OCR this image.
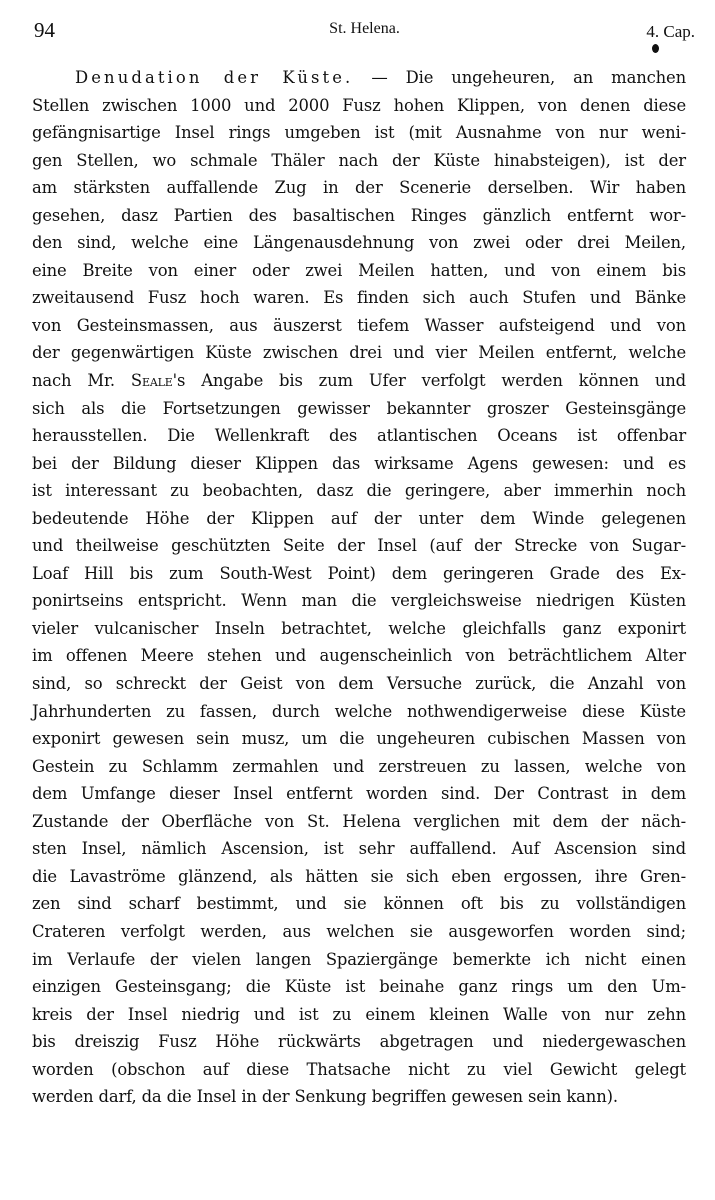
94	St. Helena.	4. Cap.
Denudation der Küste. — Die ungeheuren, an manchen
Stellen zwischen 1000 und 2000 Fusz hohen Klippen, von denen diese
gefängnisartige Insel rings umgeben ist (mit Ausnahme von nur weni-
gen Stellen, wo schmale Thäler nach der Küste hinabsteigen), ist der
am stärksten auffallende Zug in der Scenerie derselben. Wir haben
gesehen, dasz Partien des basaltischen Ringes gänzlich entfernt wor-
den sind, welche eine Längenausdehnung von zwei oder drei Meilen,
eine Breite von einer oder zwei Meilen hatten, und von einem bis
zweitausend Fusz hoch waren. Es finden sich auch Stufen und Bänke
von Gesteinsmassen, aus äuszerst tiefem Wasser aufsteigend und von
der gegenwärtigen Küste zwischen drei und vier Meilen entfernt, welche
nach Mr. Seale's Angabe bis zum Ufer verfolgt werden können und
sich als die Fortsetzungen gewisser bekannter groszer Gesteinsgänge
herausstellen. Die Wellenkraft des atlantischen Oceans ist offenbar
bei der Bildung dieser Klippen das wirksame Agens gewesen: und es
ist interessant zu beobachten, dasz die geringere, aber immerhin noch
bedeutende Höhe der Klippen auf der unter dem Winde gelegenen
und theilweise geschützten Seite der Insel (auf der Strecke von Sugar-
Loaf Hill bis zum South-West Point) dem geringeren Grade des Ex-
ponirtseins entspricht. Wenn man die vergleichsweise niedrigen Küsten
vieler vulcanischer Inseln betrachtet, welche gleichfalls ganz exponirt
im offenen Meere stehen und augenscheinlich von beträchtlichem Alter
sind, so schreckt der Geist von dem Versuche zurück, die Anzahl von
Jahrhunderten zu fassen, durch welche nothwendigerweise diese Küste
exponirt gewesen sein musz, um die ungeheuren cubischen Massen von
Gestein zu Schlamm zermahlen und zerstreuen zu lassen, welche von
dem Umfange dieser Insel entfernt worden sind. Der Contrast in dem
Zustande der Oberfläche von St. Helena verglichen mit dem der näch-
sten Insel, nämlich Ascension, ist sehr auffallend. Auf Ascension sind
die Lavaströme glänzend, als hätten sie sich eben ergossen, ihre Gren-
zen sind scharf bestimmt, und sie können oft bis zu vollständigen
Crateren verfolgt werden, aus welchen sie ausgeworfen worden sind;
im Verlaufe der vielen langen Spaziergänge bemerkte ich nicht einen
einzigen Gesteinsgang; die Küste ist beinahe ganz rings um den Um-
kreis der Insel niedrig und ist zu einem kleinen Walle von nur zehn
bis dreiszig Fusz Höhe rückwärts abgetragen und niedergewaschen
worden (obschon auf diese Thatsache nicht zu viel Gewicht gelegt
werden darf, da die Insel in der Senkung begriffen gewesen sein kann).
